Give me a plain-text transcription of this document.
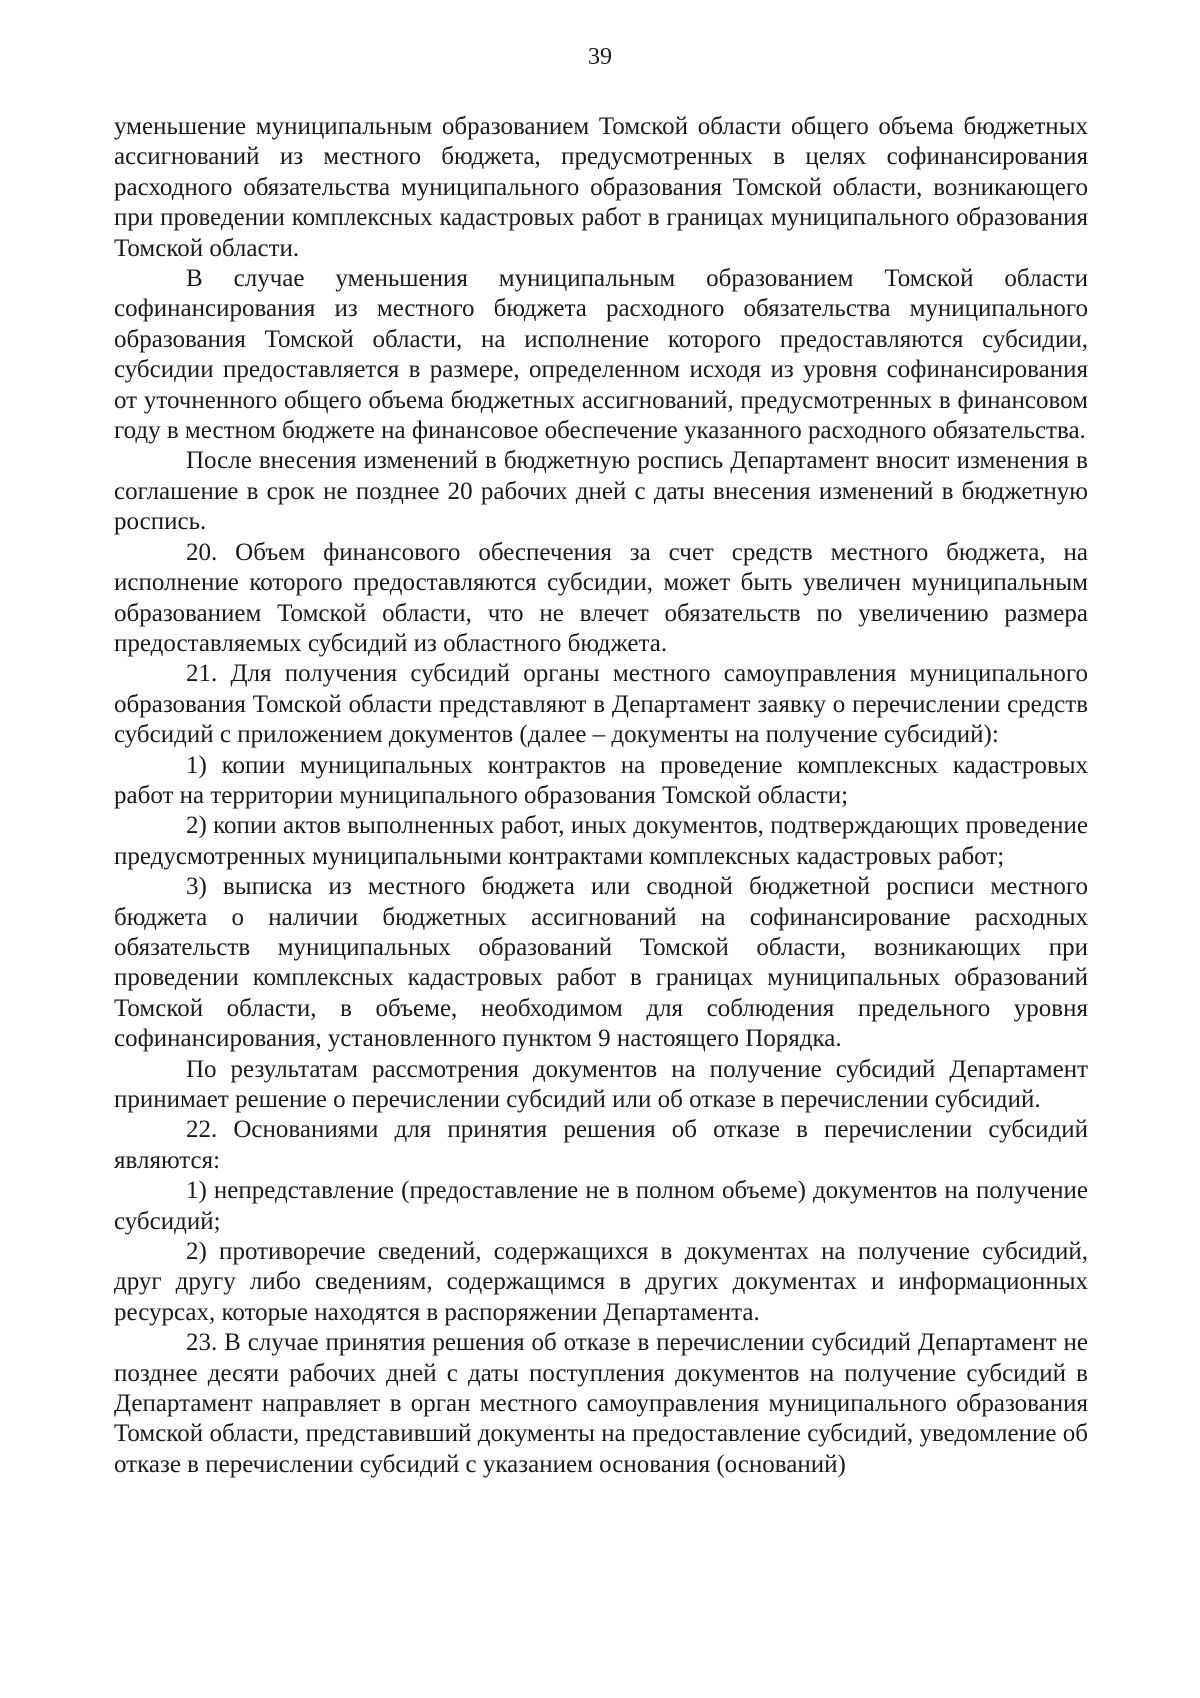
39

уменьшение муниципальным образованием Томской области общего объема бюджетных ассигнований из местного бюджета, предусмотренных в целях софинансирования расходного обязательства муниципального образования Томской области, возникающего при проведении комплексных кадастровых работ в границах муниципального образования Томской области.

В случае уменьшения муниципальным образованием Томской области софинансирования из местного бюджета расходного обязательства муниципального образования Томской области, на исполнение которого предоставляются субсидии, субсидии предоставляется в размере, определенном исходя из уровня софинансирования от уточненного общего объема бюджетных ассигнований, предусмотренных в финансовом году в местном бюджете на финансовое обеспечение указанного расходного обязательства.

После внесения изменений в бюджетную роспись Департамент вносит изменения в соглашение в срок не позднее 20 рабочих дней с даты внесения изменений в бюджетную роспись.

20. Объем финансового обеспечения за счет средств местного бюджета, на исполнение которого предоставляются субсидии, может быть увеличен муниципальным образованием Томской области, что не влечет обязательств по увеличению размера предоставляемых субсидий из областного бюджета.

21. Для получения субсидий органы местного самоуправления муниципального образования Томской области представляют в Департамент заявку о перечислении средств субсидий с приложением документов (далее – документы на получение субсидий):

1) копии муниципальных контрактов на проведение комплексных кадастровых работ на территории муниципального образования Томской области;

2) копии актов выполненных работ, иных документов, подтверждающих проведение предусмотренных муниципальными контрактами комплексных кадастровых работ;

3) выписка из местного бюджета или сводной бюджетной росписи местного бюджета о наличии бюджетных ассигнований на софинансирование расходных обязательств муниципальных образований Томской области, возникающих при проведении комплексных кадастровых работ в границах муниципальных образований Томской области, в объеме, необходимом для соблюдения предельного уровня софинансирования, установленного пунктом 9 настоящего Порядка.

По результатам рассмотрения документов на получение субсидий Департамент принимает решение о перечислении субсидий или об отказе в перечислении субсидий.

22. Основаниями для принятия решения об отказе в перечислении субсидий являются:

1) непредставление (предоставление не в полном объеме) документов на получение субсидий;

2) противоречие сведений, содержащихся в документах на получение субсидий, друг другу либо сведениям, содержащимся в других документах и информационных ресурсах, которые находятся в распоряжении Департамента.

23. В случае принятия решения об отказе в перечислении субсидий Департамент не позднее десяти рабочих дней с даты поступления документов на получение субсидий в Департамент направляет в орган местного самоуправления муниципального образования Томской области, представивший документы на предоставление субсидий, уведомление об отказе в перечислении субсидий с указанием основания (оснований)
